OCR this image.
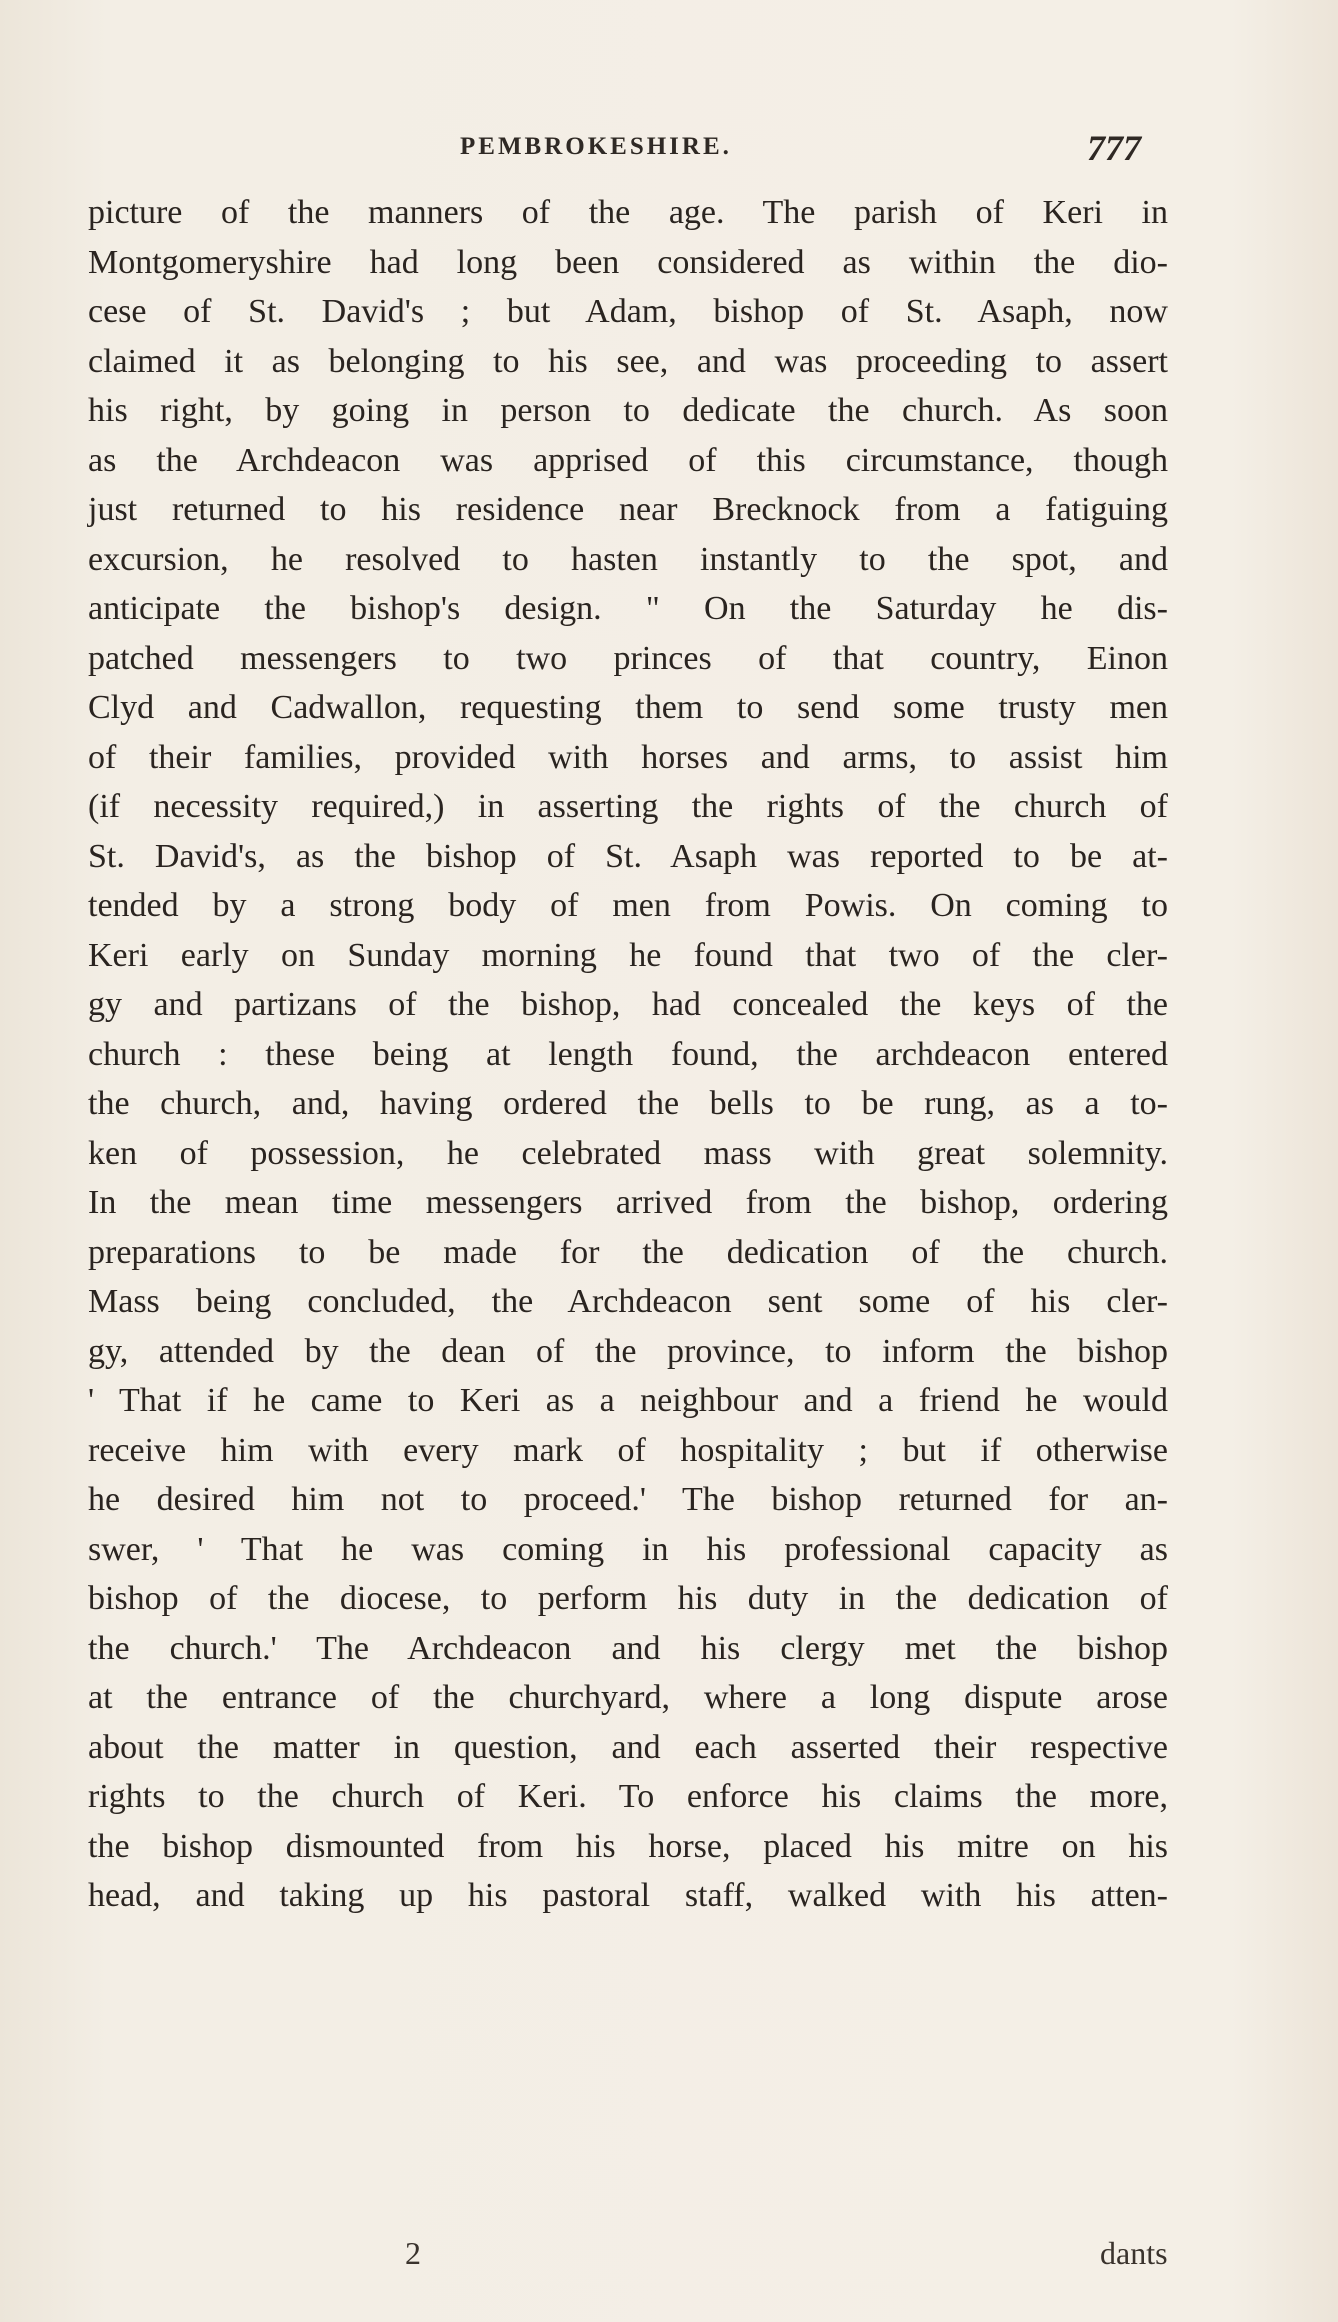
PEMBROKESHIRE.	777
picture of the manners of the age. The parish of Keri in
Montgomeryshire had long been considered as within the dio-
cese of St. David's ; but Adam, bishop of St. Asaph, now
claimed it as belonging to his see, and was proceeding to assert
his right, by going in person to dedicate the church. As soon
as the Archdeacon was apprised of this circumstance, though
just returned to his residence near Brecknock from a fatiguing
excursion, he resolved to hasten instantly to the spot, and
anticipate the bishop's design. " On the Saturday he dis-
patched messengers to two princes of that country, Einon
Clyd and Cadwallon, requesting them to send some trusty men
of their families, provided with horses and arms, to assist him
(if necessity required,) in asserting the rights of the church of
St. David's, as the bishop of St. Asaph was reported to be at-
tended by a strong body of men from Powis. On coming to
Keri early on Sunday morning he found that two of the cler-
gy and partizans of the bishop, had concealed the keys of the
church : these being at length found, the archdeacon entered
the church, and, having ordered the bells to be rung, as a to-
ken of possession, he celebrated mass with great solemnity.
In the mean time messengers arrived from the bishop, ordering
preparations to be made for the dedication of the church.
Mass being concluded, the Archdeacon sent some of his cler-
gy, attended by the dean of the province, to inform the bishop
' That if he came to Keri as a neighbour and a friend he would
receive him with every mark of hospitality ; but if otherwise
he desired him not to proceed.' The bishop returned for an-
swer, ' That he was coming in his professional capacity as
bishop of the diocese, to perform his duty in the dedication of
the church.' The Archdeacon and his clergy met the bishop
at the entrance of the churchyard, where a long dispute arose
about the matter in question, and each asserted their respective
rights to the church of Keri. To enforce his claims the more,
the bishop dismounted from his horse, placed his mitre on his
head, and taking up his pastoral staff, walked with his atten-
2	dants
